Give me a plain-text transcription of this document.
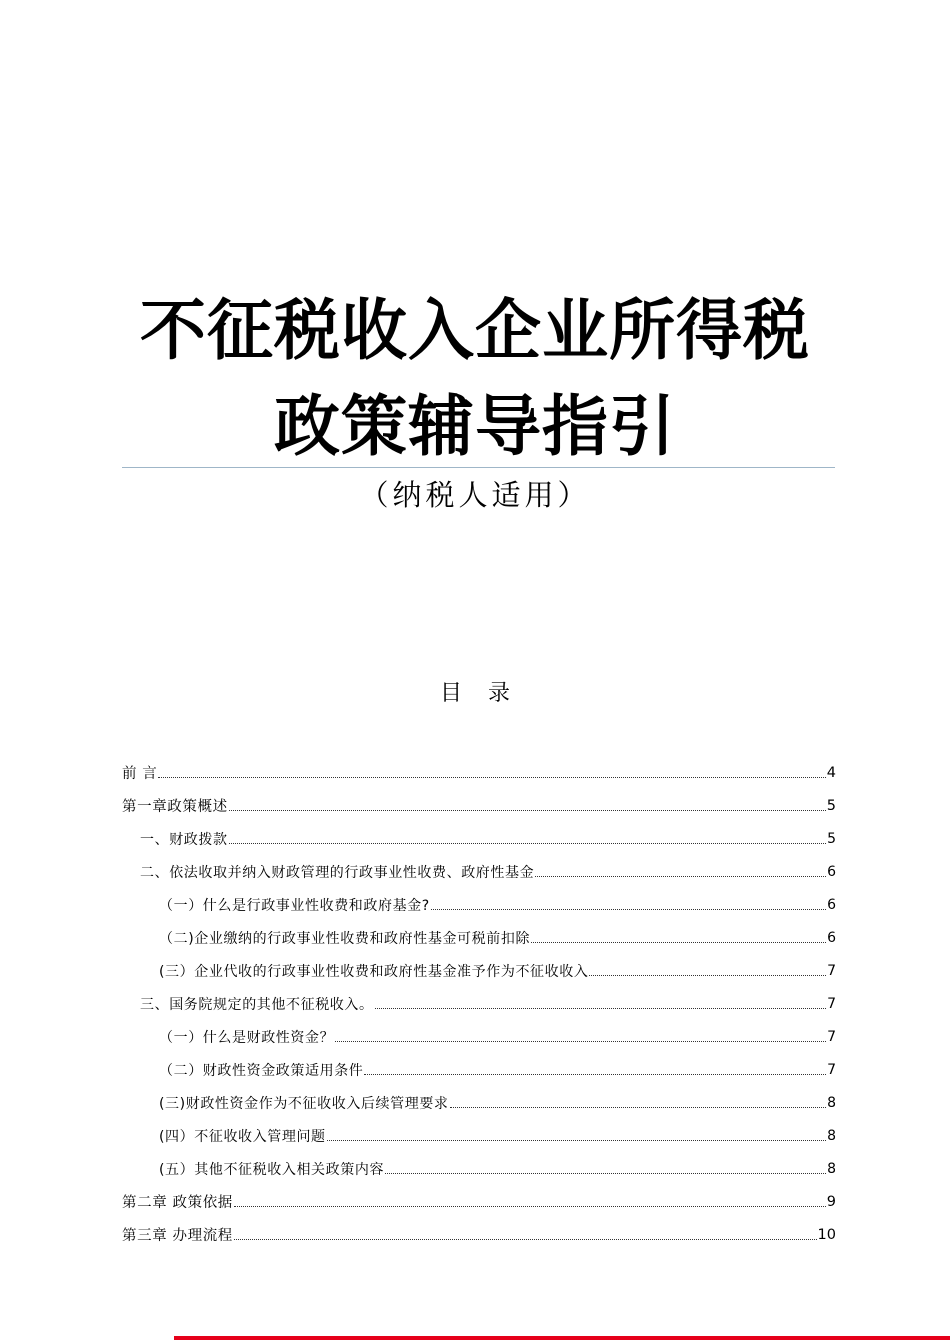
不征税收入企业所得税
政策辅导指引
（纳税人适用）
目录
前 言	4
第一章政策概述	5
一、财政拨款	5
二、依法收取并纳入财政管理的行政事业性收费、政府性基金	6
（一）什么是行政事业性收费和政府基金?	6
（二)企业缴纳的行政事业性收费和政府性基金可税前扣除	6
(三）企业代收的行政事业性收费和政府性基金准予作为不征收收入	7
三、国务院规定的其他不征税收入。	7
（一）什么是财政性资金？	7
（二）财政性资金政策适用条件	7
(三)财政性资金作为不征收收入后续管理要求	8
(四）不征收收入管理问题	8
(五）其他不征税收入相关政策内容	8
第二章 政策依据	9
第三章 办理流程	10
